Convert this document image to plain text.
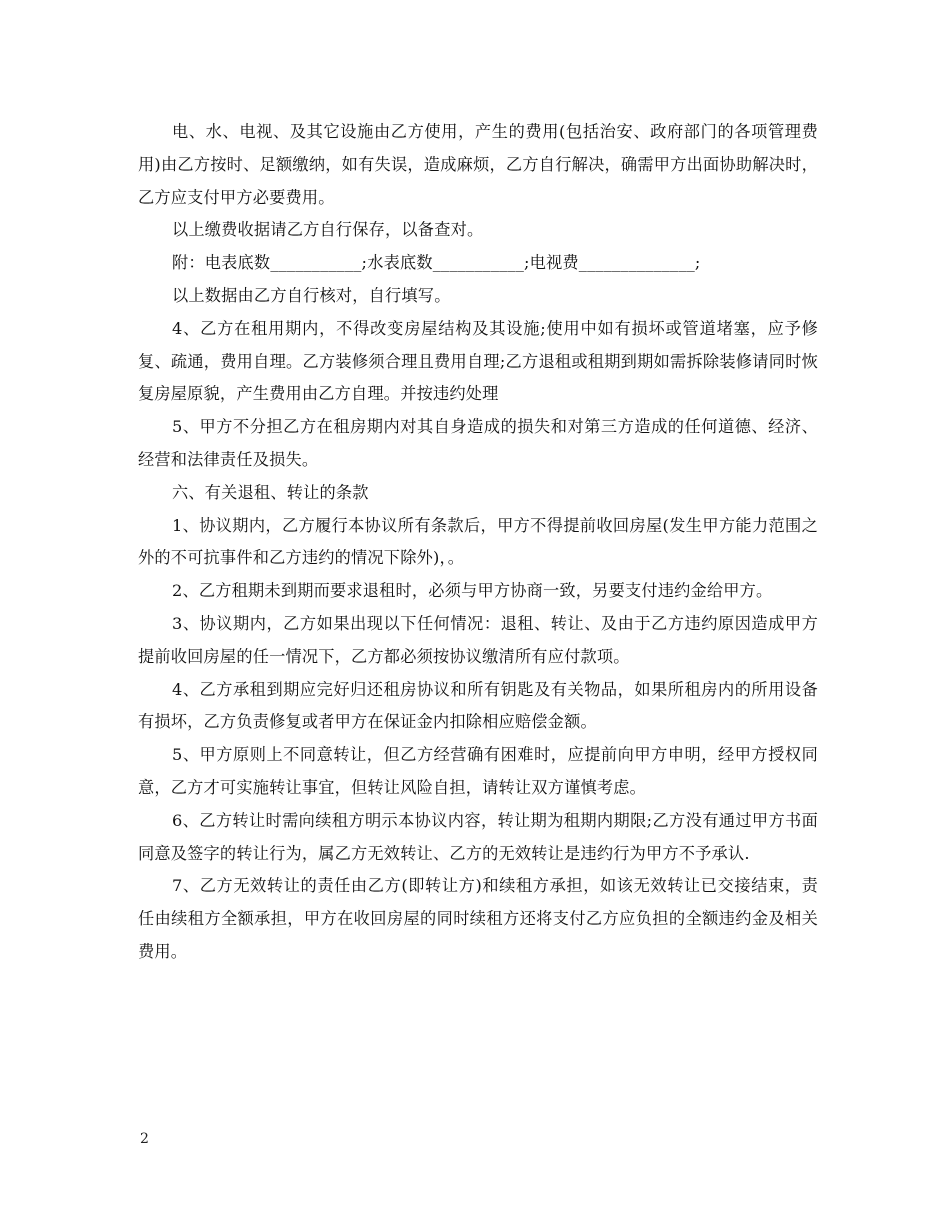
电、水、电视、及其它设施由乙方使用，产生的费用(包括治安、政府部门的各项管理费用)由乙方按时、足额缴纳，如有失误，造成麻烦，乙方自行解决，确需甲方出面协助解决时，乙方应支付甲方必要费用。

以上缴费收据请乙方自行保存，以备查对。

附：电表底数___________;水表底数___________;电视费______________;

以上数据由乙方自行核对，自行填写。

4、乙方在租用期内，不得改变房屋结构及其设施;使用中如有损坏或管道堵塞，应予修复、疏通，费用自理。乙方装修须合理且费用自理;乙方退租或租期到期如需拆除装修请同时恢复房屋原貌，产生费用由乙方自理。并按违约处理

5、甲方不分担乙方在租房期内对其自身造成的损失和对第三方造成的任何道德、经济、经营和法律责任及损失。

六、有关退租、转让的条款

1、协议期内，乙方履行本协议所有条款后，甲方不得提前收回房屋(发生甲方能力范围之外的不可抗事件和乙方违约的情况下除外)，。

2、乙方租期未到期而要求退租时，必须与甲方协商一致，另要支付违约金给甲方。

3、协议期内，乙方如果出现以下任何情况：退租、转让、及由于乙方违约原因造成甲方提前收回房屋的任一情况下，乙方都必须按协议缴清所有应付款项。

4、乙方承租到期应完好归还租房协议和所有钥匙及有关物品，如果所租房内的所用设备有损坏，乙方负责修复或者甲方在保证金内扣除相应赔偿金额。

5、甲方原则上不同意转让，但乙方经营确有困难时，应提前向甲方申明，经甲方授权同意，乙方才可实施转让事宜，但转让风险自担，请转让双方谨慎考虑。

6、乙方转让时需向续租方明示本协议内容，转让期为租期内期限;乙方没有通过甲方书面同意及签字的转让行为，属乙方无效转让、乙方的无效转让是违约行为甲方不予承认.

7、乙方无效转让的责任由乙方(即转让方)和续租方承担，如该无效转让已交接结束，责任由续租方全额承担，甲方在收回房屋的同时续租方还将支付乙方应负担的全额违约金及相关费用。

2
